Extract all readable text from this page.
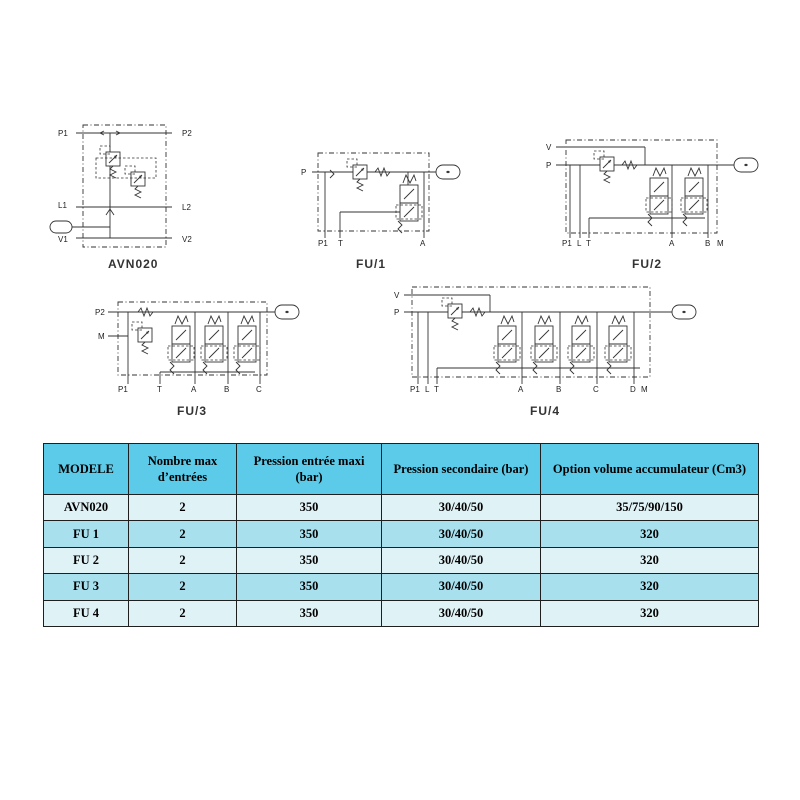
P1	P2
L1	L2
V1	V2
AVN020
P
P1 T	A
FU/1
V
P
P1 L T	A	B M
FU/2
P2
M
P1	T	A	B	C
FU/3
V
P
P1 L T	A	B	C	D M
FU/4
MODELE	Nombre max d’entrées	Pression entrée maxi (bar)	Pression secondaire (bar)	Option volume accumulateur (Cm3)
AVN020	2	350	30/40/50	35/75/90/150
FU 1	2	350	30/40/50	320
FU 2	2	350	30/40/50	320
FU 3	2	350	30/40/50	320
FU 4	2	350	30/40/50	320
